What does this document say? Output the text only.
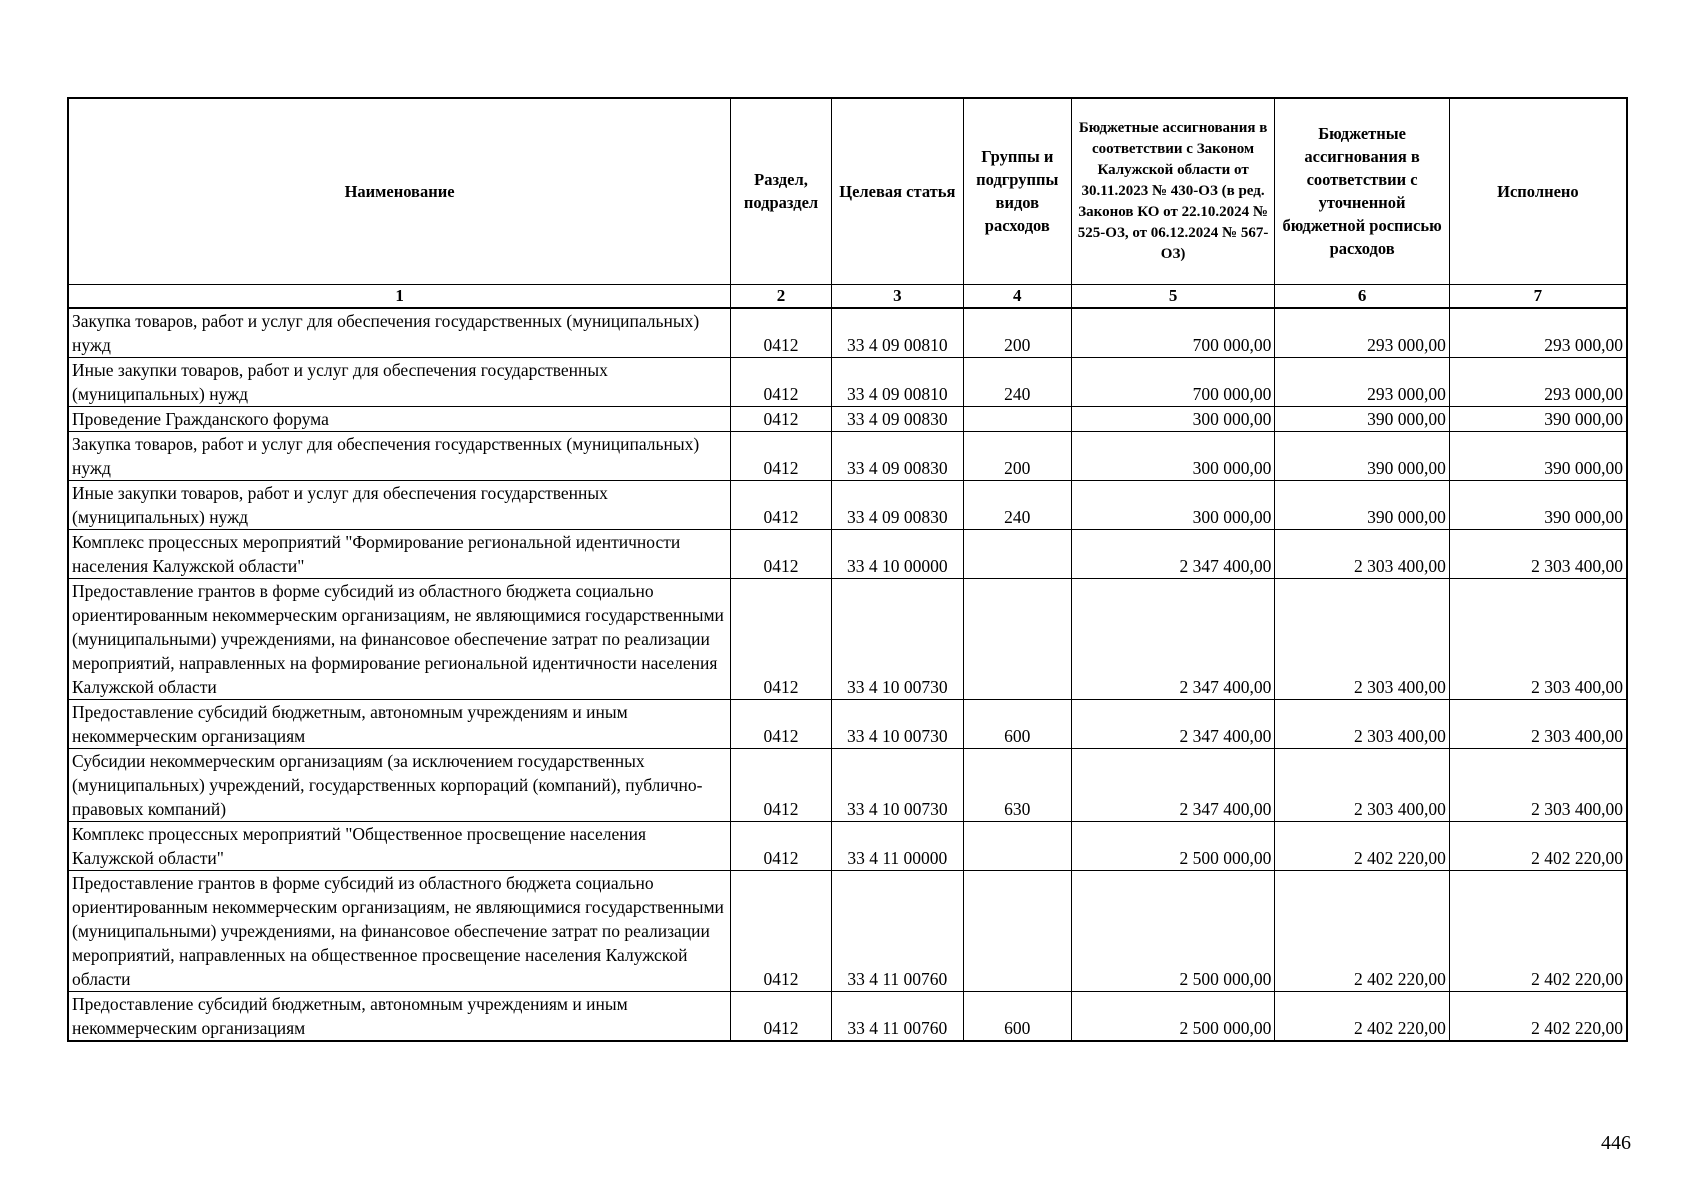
Наименование	Раздел, подраздел	Целевая статья	Группы и подгруппы видов расходов	Бюджетные ассигнования в соответствии с Законом Калужской области от 30.11.2023 № 430-ОЗ (в ред. Законов КО от 22.10.2024 № 525-ОЗ, от 06.12.2024 № 567-ОЗ)	Бюджетные ассигнования в соответствии с уточненной бюджетной росписью расходов	Исполнено
1	2	3	4	5	6	7
Закупка товаров, работ и услуг для обеспечения государственных (муниципальных) нужд	0412	33 4 09 00810	200	700 000,00	293 000,00	293 000,00
Иные закупки товаров, работ и услуг для обеспечения государственных (муниципальных) нужд	0412	33 4 09 00810	240	700 000,00	293 000,00	293 000,00
Проведение Гражданского форума	0412	33 4 09 00830		300 000,00	390 000,00	390 000,00
Закупка товаров, работ и услуг для обеспечения государственных (муниципальных) нужд	0412	33 4 09 00830	200	300 000,00	390 000,00	390 000,00
Иные закупки товаров, работ и услуг для обеспечения государственных (муниципальных) нужд	0412	33 4 09 00830	240	300 000,00	390 000,00	390 000,00
Комплекс процессных мероприятий "Формирование региональной идентичности населения Калужской области"	0412	33 4 10 00000		2 347 400,00	2 303 400,00	2 303 400,00
Предоставление грантов в форме субсидий из областного бюджета социально ориентированным некоммерческим организациям, не являющимися государственными (муниципальными) учреждениями, на финансовое обеспечение затрат по реализации мероприятий, направленных на формирование региональной идентичности населения Калужской области	0412	33 4 10 00730		2 347 400,00	2 303 400,00	2 303 400,00
Предоставление субсидий бюджетным, автономным учреждениям и иным некоммерческим организациям	0412	33 4 10 00730	600	2 347 400,00	2 303 400,00	2 303 400,00
Субсидии некоммерческим организациям (за исключением государственных (муниципальных) учреждений, государственных корпораций (компаний), публично-правовых компаний)	0412	33 4 10 00730	630	2 347 400,00	2 303 400,00	2 303 400,00
Комплекс процессных мероприятий "Общественное просвещение населения Калужской области"	0412	33 4 11 00000		2 500 000,00	2 402 220,00	2 402 220,00
Предоставление грантов в форме субсидий из областного бюджета социально ориентированным некоммерческим организациям, не являющимися государственными (муниципальными) учреждениями, на финансовое обеспечение затрат по реализации мероприятий, направленных на общественное просвещение населения Калужской области	0412	33 4 11 00760		2 500 000,00	2 402 220,00	2 402 220,00
Предоставление субсидий бюджетным, автономным учреждениям и иным некоммерческим организациям	0412	33 4 11 00760	600	2 500 000,00	2 402 220,00	2 402 220,00
446
